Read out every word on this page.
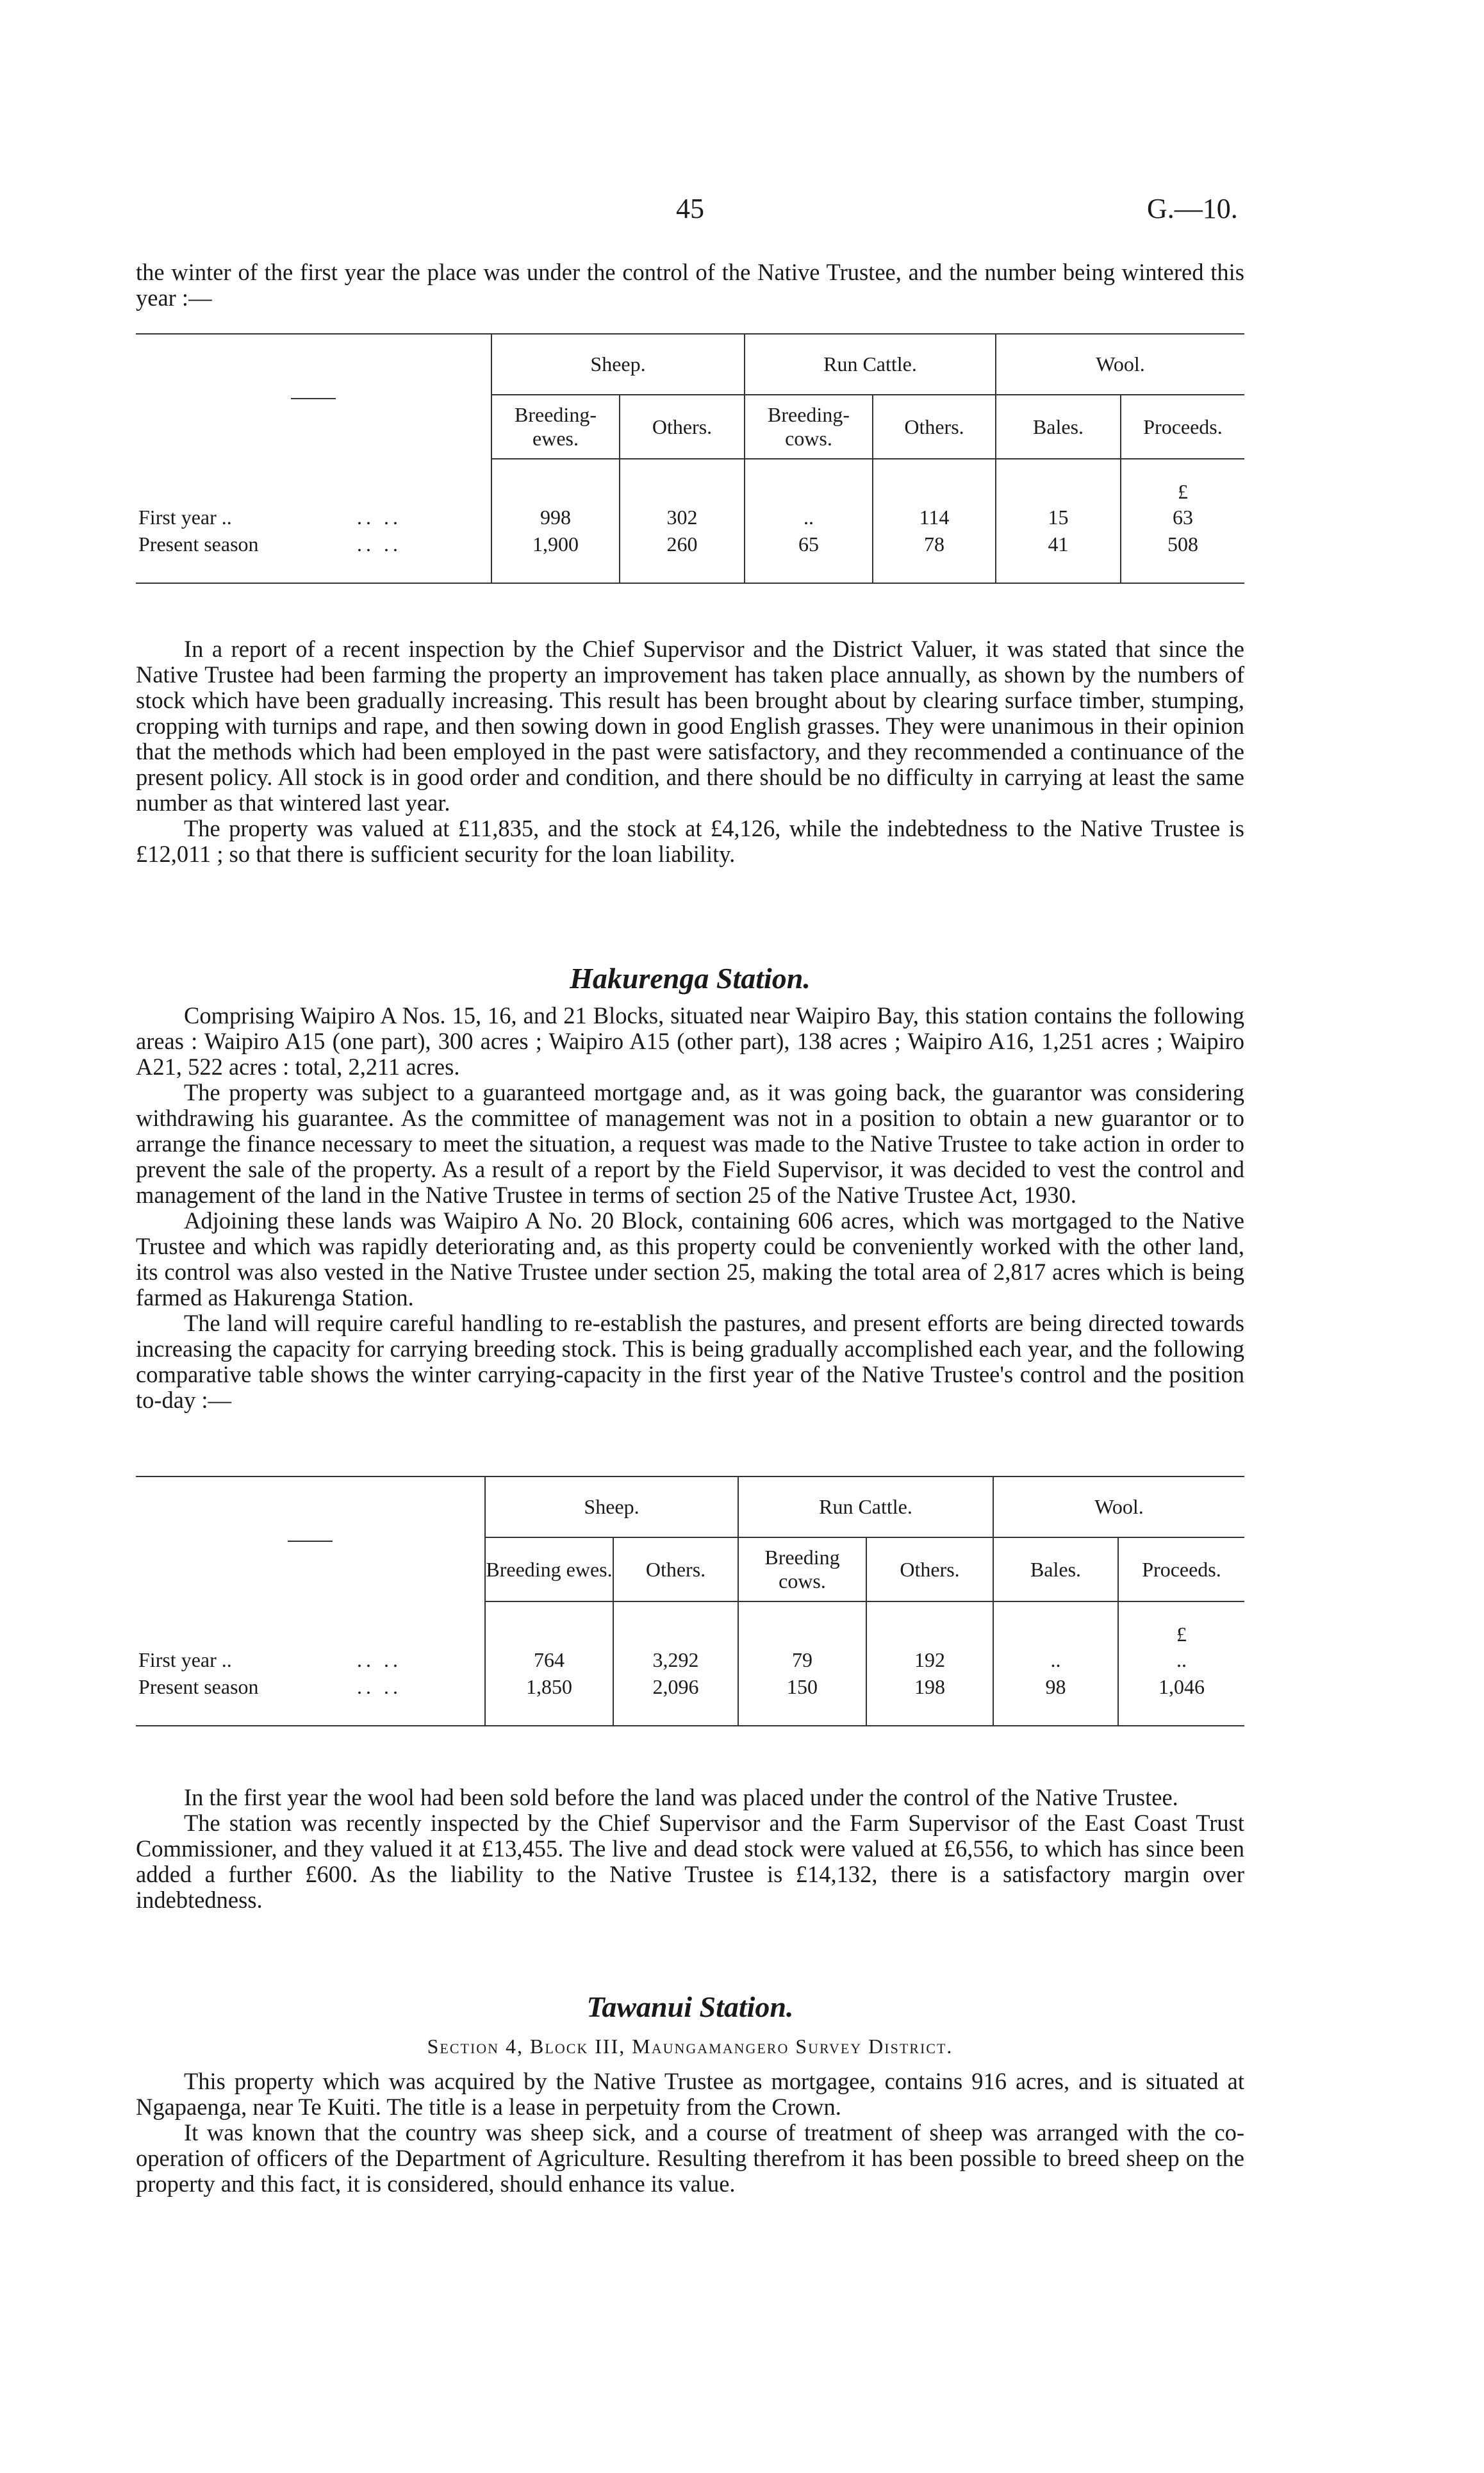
45	G.—10.

the winter of the first year the place was under the control of the Native Trustee, and the number being wintered this year :—

	Sheep.		Run Cattle.		Wool.	
	Breeding-ewes.	Others.	Breeding-cows.	Others.	Bales.	Proceeds.
						£
First year .. .. ..	998	302	..	114	15	63
Present season .. ..	1,900	260	65	78	41	508

In a report of a recent inspection by the Chief Supervisor and the District Valuer, it was stated that since the Native Trustee had been farming the property an improvement has taken place annually, as shown by the numbers of stock which have been gradually increasing. This result has been brought about by clearing surface timber, stumping, cropping with turnips and rape, and then sowing down in good English grasses. They were unanimous in their opinion that the methods which had been employed in the past were satisfactory, and they recommended a continuance of the present policy. All stock is in good order and condition, and there should be no difficulty in carrying at least the same number as that wintered last year.

The property was valued at £11,835, and the stock at £4,126, while the indebtedness to the Native Trustee is £12,011 ; so that there is sufficient security for the loan liability.

Hakurenga Station.

Comprising Waipiro A Nos. 15, 16, and 21 Blocks, situated near Waipiro Bay, this station contains the following areas : Waipiro A15 (one part), 300 acres ; Waipiro A15 (other part), 138 acres ; Waipiro A16, 1,251 acres ; Waipiro A21, 522 acres : total, 2,211 acres.

The property was subject to a guaranteed mortgage and, as it was going back, the guarantor was considering withdrawing his guarantee. As the committee of management was not in a position to obtain a new guarantor or to arrange the finance necessary to meet the situation, a request was made to the Native Trustee to take action in order to prevent the sale of the property. As a result of a report by the Field Supervisor, it was decided to vest the control and management of the land in the Native Trustee in terms of section 25 of the Native Trustee Act, 1930.

Adjoining these lands was Waipiro A No. 20 Block, containing 606 acres, which was mortgaged to the Native Trustee and which was rapidly deteriorating and, as this property could be conveniently worked with the other land, its control was also vested in the Native Trustee under section 25, making the total area of 2,817 acres which is being farmed as Hakurenga Station.

The land will require careful handling to re-establish the pastures, and present efforts are being directed towards increasing the capacity for carrying breeding stock. This is being gradually accomplished each year, and the following comparative table shows the winter carrying-capacity in the first year of the Native Trustee's control and the position to-day :—

	Sheep.		Run Cattle.		Wool.	
	Breeding ewes.	Others.	Breeding cows.	Others.	Bales.	Proceeds.
						£
First year .. .. ..	764	3,292	79	192	..	..
Present season .. ..	1,850	2,096	150	198	98	1,046

In the first year the wool had been sold before the land was placed under the control of the Native Trustee.

The station was recently inspected by the Chief Supervisor and the Farm Supervisor of the East Coast Trust Commissioner, and they valued it at £13,455. The live and dead stock were valued at £6,556, to which has since been added a further £600. As the liability to the Native Trustee is £14,132, there is a satisfactory margin over indebtedness.

Tawanui Station.
Section 4, Block III, Maungamangero Survey District.

This property which was acquired by the Native Trustee as mortgagee, contains 916 acres, and is situated at Ngapaenga, near Te Kuiti. The title is a lease in perpetuity from the Crown.

It was known that the country was sheep sick, and a course of treatment of sheep was arranged with the co-operation of officers of the Department of Agriculture. Resulting therefrom it has been possible to breed sheep on the property and this fact, it is considered, should enhance its value.
